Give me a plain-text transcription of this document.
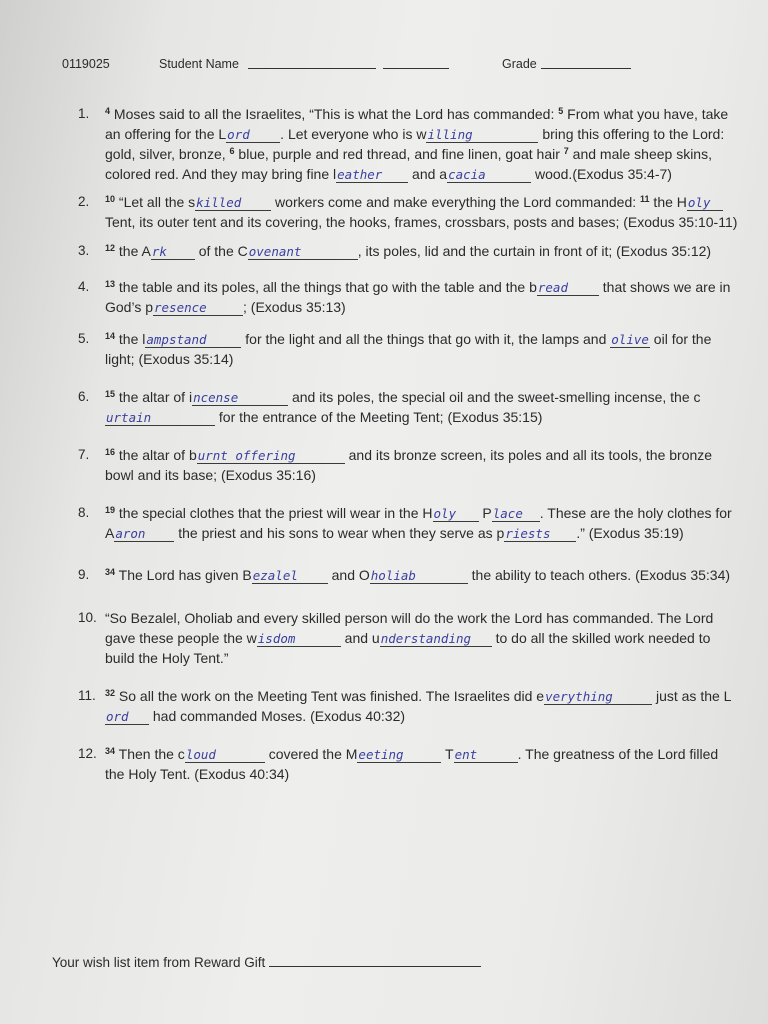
0119025	Student Name	Grade
1. $^4$ Moses said to all the Israelites, “This is what the Lord has commanded: $^5$ From what you have, take an offering for the Lord . Let everyone who is willing	bring this offering to the Lord: gold, silver, bronze, $^6$ blue, purple and red thread, and fine linen, goat hair $^7$ and male sheep skins, colored red. And they may bring fine leather and acacia	wood.(Exodus 35:4-7)
2. $^{10}$ “Let all the skilled workers come and make everything the Lord commanded: $^{11}$ the Holy Tent, its outer tent and its covering, the hooks, frames, crossbars, posts and bases; (Exodus 35:10-11)
3. $^{12}$ the Ark of the Covenant	, its poles, lid and the curtain in front of it; (Exodus 35:12)
4. $^{13}$ the table and its poles, all the things that go with the table and the bread that shows we are in God’s presence	; (Exodus 35:13)
5. $^{14}$ the lampstand for the light and all the things that go with it, the lamps and olive oil for the light; (Exodus 35:14)
6. $^{15}$ the altar of incense	and its poles, the special oil and the sweet-smelling incense, the curtain	for the entrance of the Meeting Tent; (Exodus 35:15)
7. $^{16}$ the altar of burnt offering	and its bronze screen, its poles and all its tools, the bronze bowl and its base; (Exodus 35:16)
8. $^{19}$ the special clothes that the priest will wear in the Holy Place . These are the holy clothes for Aaron the priest and his sons to wear when they serve as priests .” (Exodus 35:19)
9. $^{34}$ The Lord has given Bezalel and Oholiab	the ability to teach others. (Exodus 35:34)
10. “So Bezalel, Oholiab and every skilled person will do the work the Lord has commanded. The Lord gave these people the wisdom	and understanding to do all the skilled work needed to build the Holy Tent.”
11. $^{32}$ So all the work on the Meeting Tent was finished. The Israelites did everything	just as the Lord had commanded Moses. (Exodus 40:32)
12. $^{34}$ Then the cloud	covered the Meeting	Tent	. The greatness of the Lord filled the Holy Tent. (Exodus 40:34)
Your wish list item from Reward Gift
